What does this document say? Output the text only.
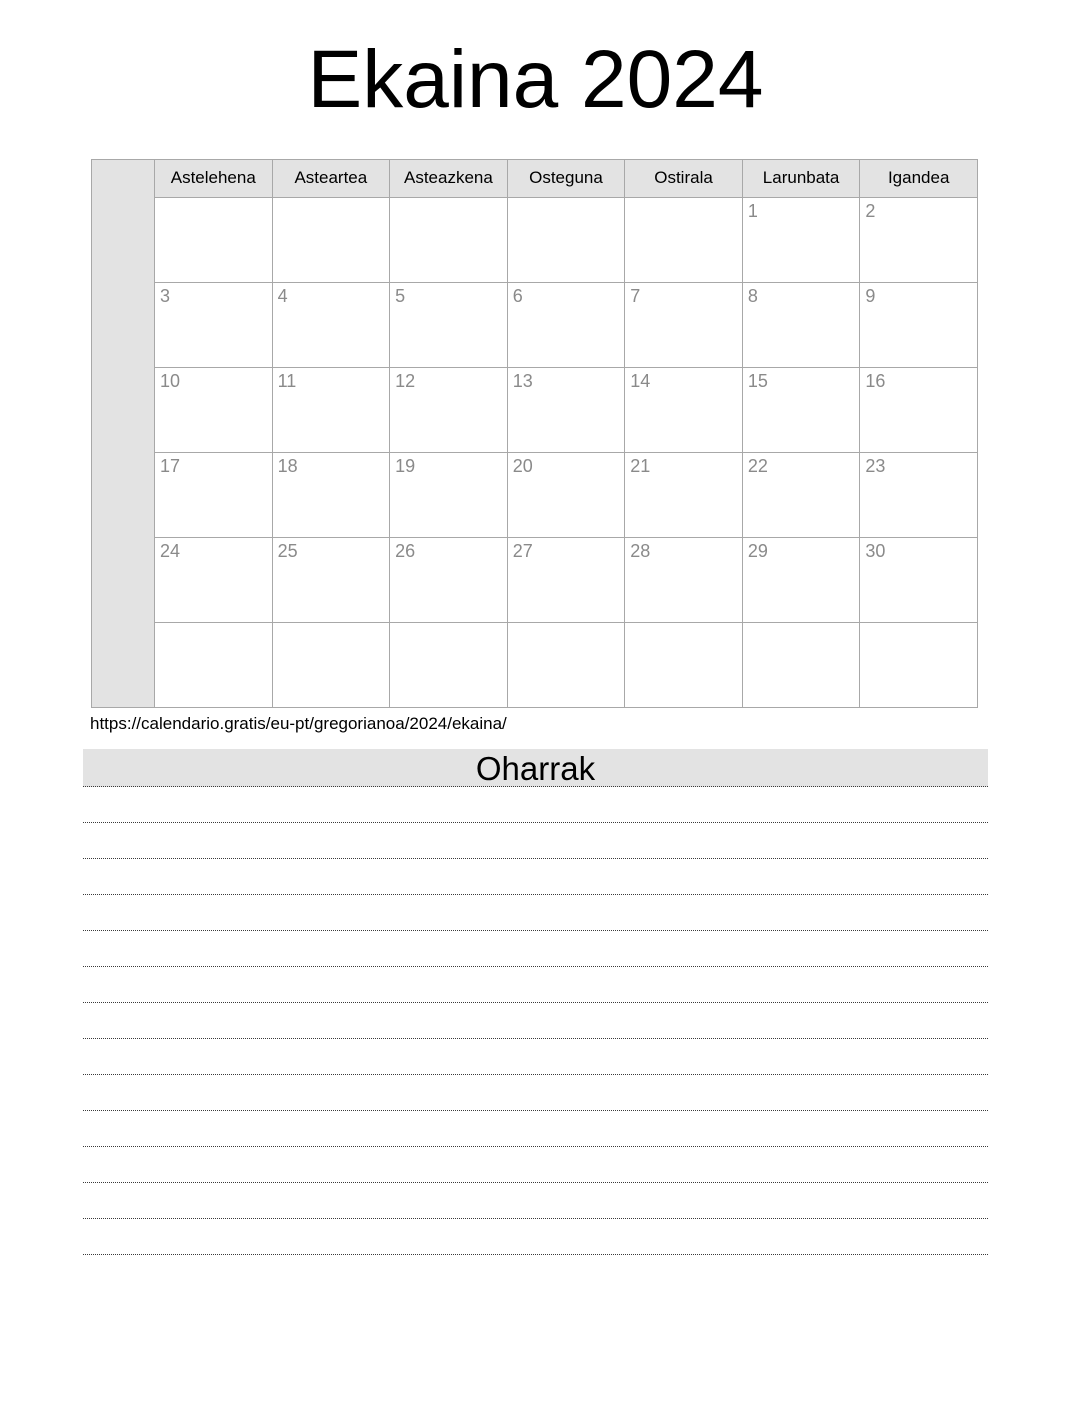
Ekaina 2024
	Astelehena	Asteartea	Asteazkena	Osteguna	Ostirala	Larunbata	Igandea
						1	2
	3	4	5	6	7	8	9
	10	11	12	13	14	15	16
	17	18	19	20	21	22	23
	24	25	26	27	28	29	30

https://calendario.gratis/eu-pt/gregorianoa/2024/ekaina/
Oharrak
